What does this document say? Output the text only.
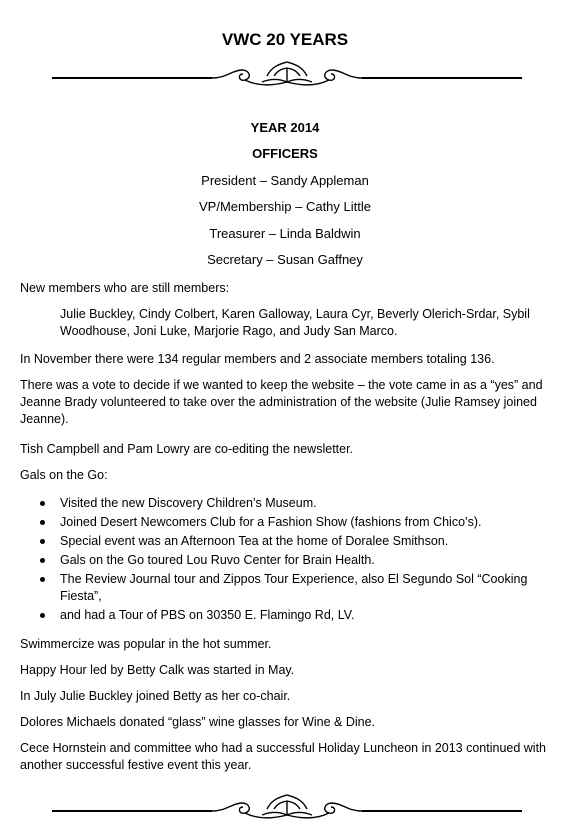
VWC 20 YEARS
YEAR 2014
OFFICERS
President – Sandy Appleman
VP/Membership – Cathy Little
Treasurer – Linda Baldwin
Secretary – Susan Gaffney
New members who are still members:
Julie Buckley, Cindy Colbert, Karen Galloway, Laura Cyr, Beverly Olerich-Srdar, Sybil Woodhouse, Joni Luke, Marjorie Rago, and Judy San Marco.
In November there were 134 regular members and 2 associate members totaling 136.
There was a vote to decide if we wanted to keep the website – the vote came in as a “yes” and Jeanne Brady volunteered to take over the administration of the website (Julie Ramsey joined Jeanne).
Tish Campbell and Pam Lowry are co-editing the newsletter.
Gals on the Go:
Visited the new Discovery Children’s Museum.
Joined Desert Newcomers Club for a Fashion Show (fashions from Chico’s).
Special event was an Afternoon Tea at the home of Doralee Smithson.
Gals on the Go toured Lou Ruvo Center for Brain Health.
The Review Journal tour and Zippos Tour Experience, also El Segundo Sol “Cooking Fiesta”,
and had a Tour of PBS on 30350 E. Flamingo Rd, LV.
Swimmercize was popular in the hot summer.
Happy Hour led by Betty Calk was started in May.
In July Julie Buckley joined Betty as her co-chair.
Dolores Michaels donated “glass” wine glasses for Wine & Dine.
Cece Hornstein and committee who had a successful Holiday Luncheon in 2013 continued with another successful festive event this year.
